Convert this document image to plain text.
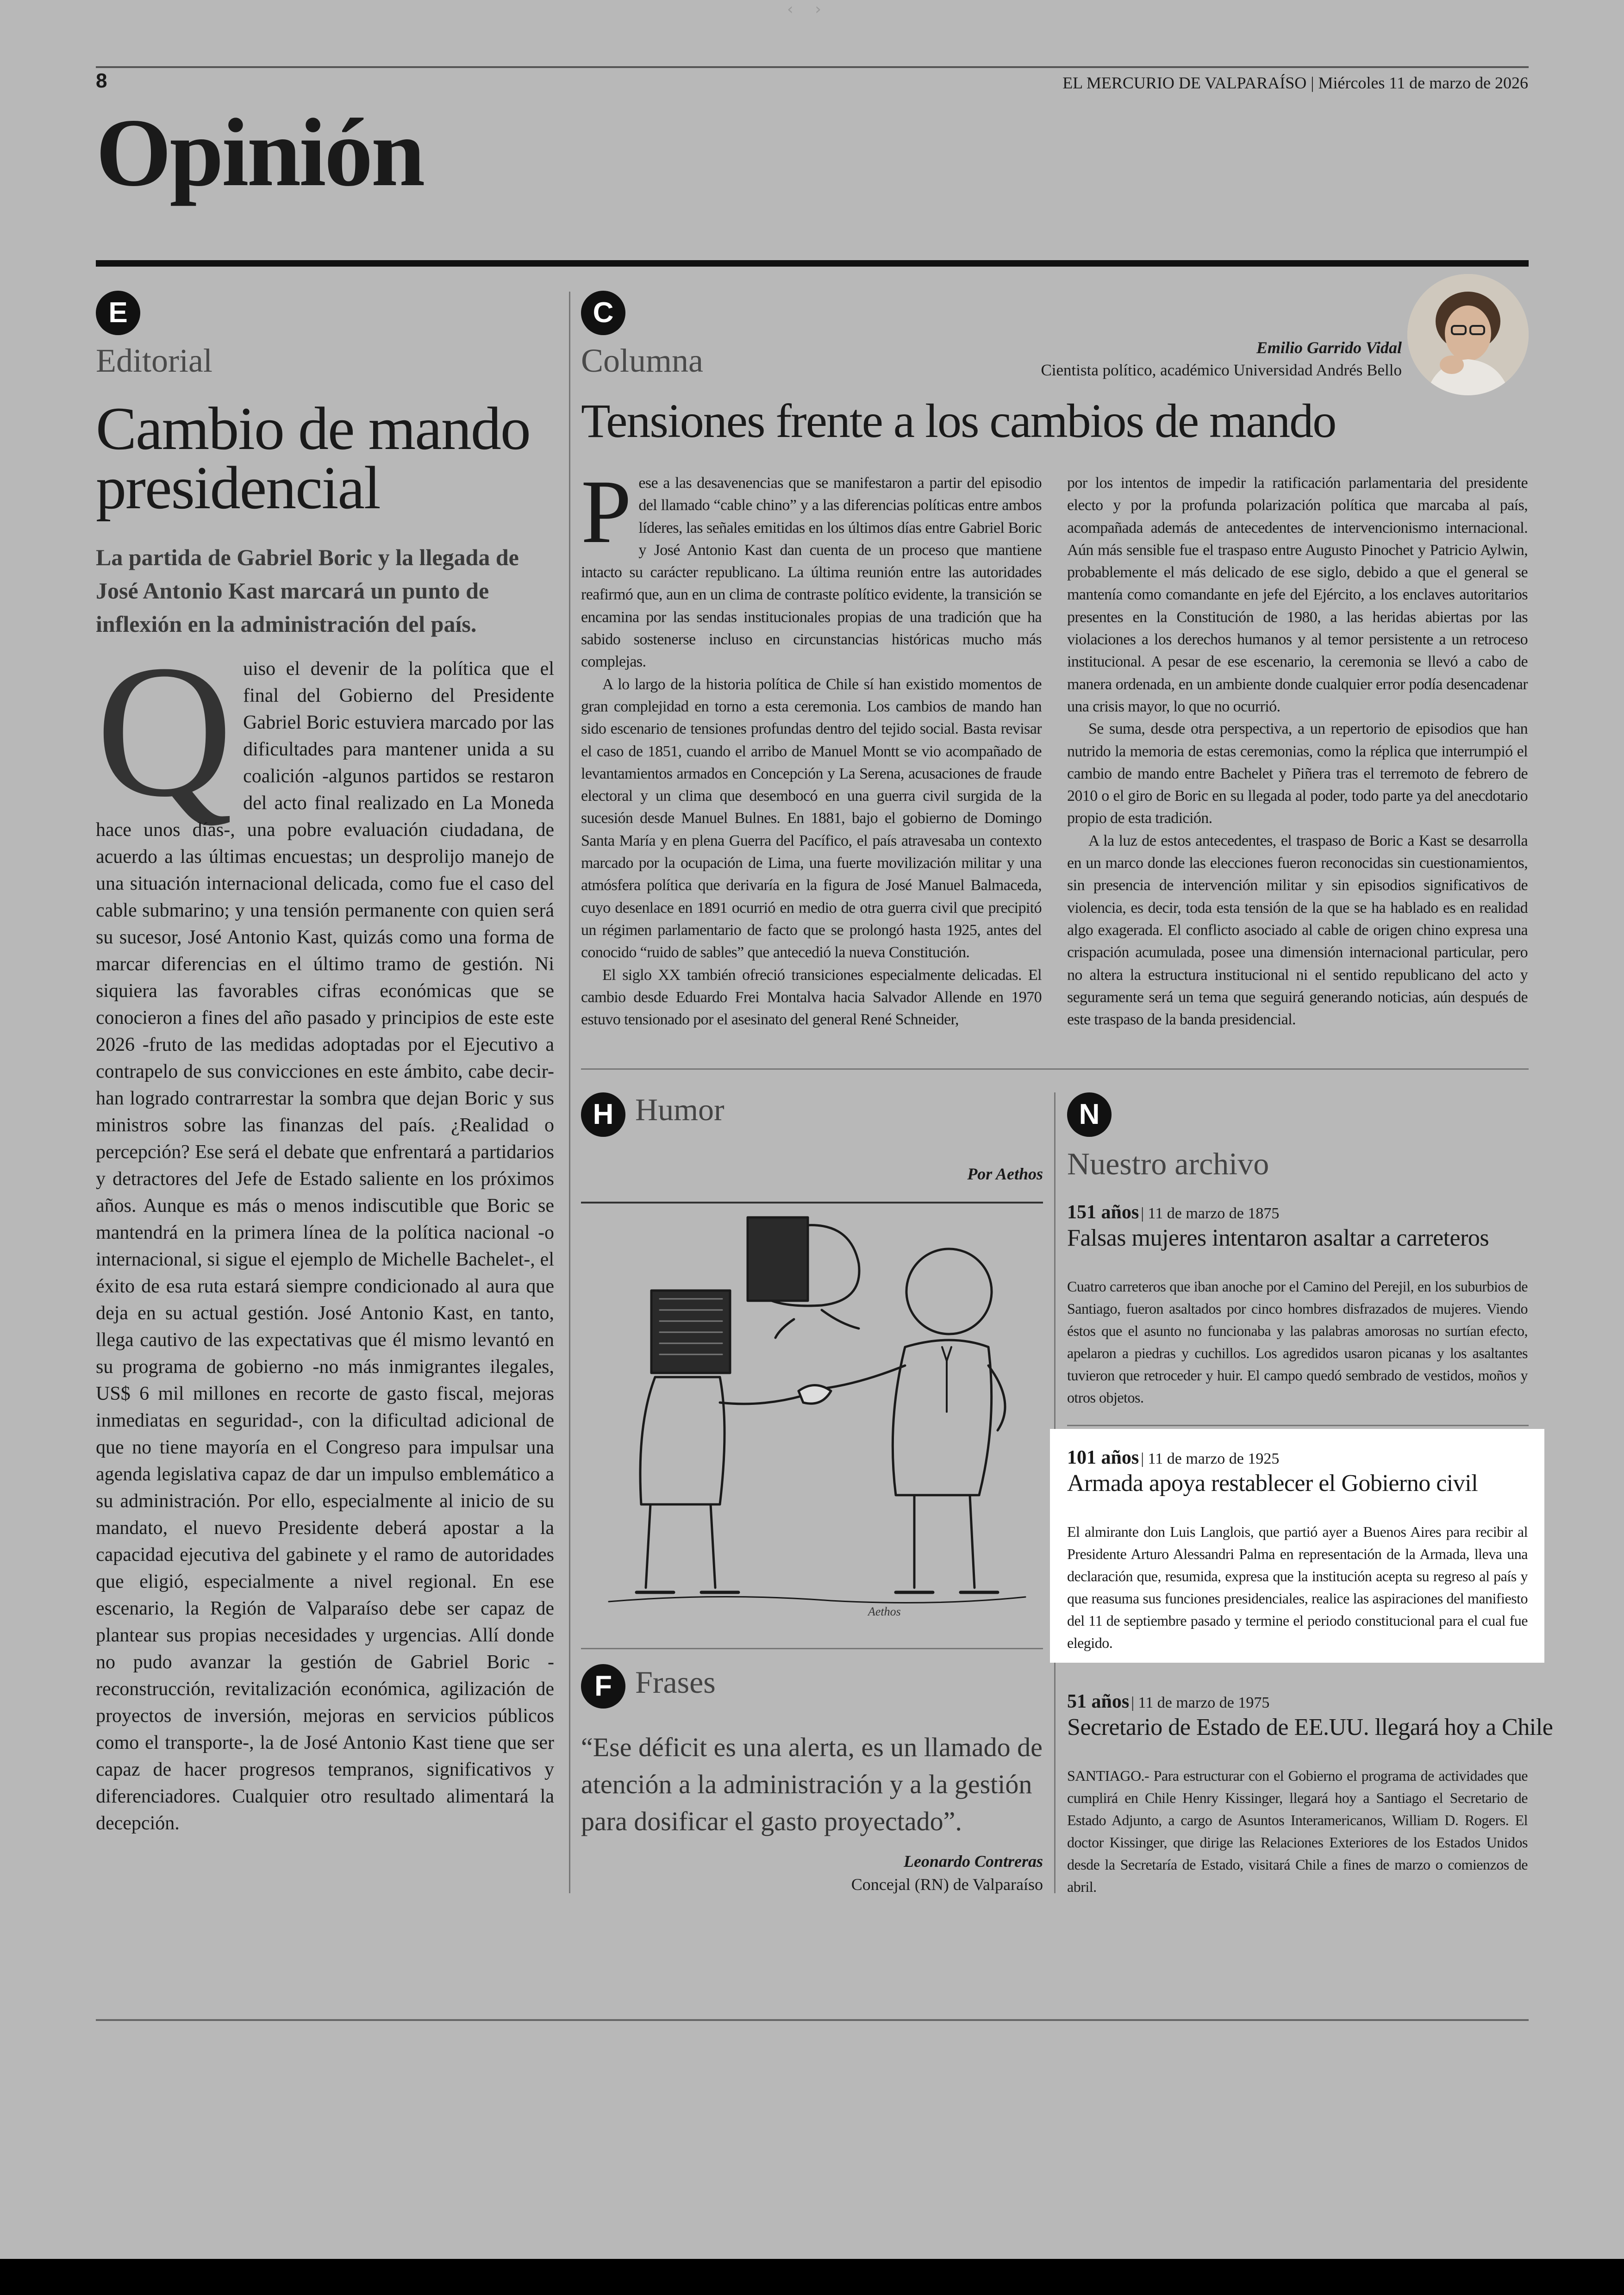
‹ ›
8	EL MERCURIO DE VALPARAÍSO | Miércoles 11 de marzo de 2026
Opinión
E
Editorial
Cambio de mando presidencial
La partida de Gabriel Boric y la llegada de José Antonio Kast marcará un punto de inflexión en la administración del país.
Q uiso el devenir de la política que el final del Gobierno del Presidente Gabriel Boric estuviera marcado por las dificultades para mantener unida a su coalición -algunos partidos se restaron del acto final realizado en La Moneda hace unos días-, una pobre evaluación ciudadana, de acuerdo a las últimas encuestas; un desprolijo manejo de una situación internacional delicada, como fue el caso del cable submarino; y una tensión permanente con quien será su sucesor, José Antonio Kast, quizás como una forma de marcar diferencias en el último tramo de gestión. Ni siquiera las favorables cifras económicas que se conocieron a fines del año pasado y principios de este este 2026 -fruto de las medidas adoptadas por el Ejecutivo a contrapelo de sus convicciones en este ámbito, cabe decir- han logrado contrarrestar la sombra que dejan Boric y sus ministros sobre las finanzas del país. ¿Realidad o percepción? Ese será el debate que enfrentará a partidarios y detractores del Jefe de Estado saliente en los próximos años. Aunque es más o menos indiscutible que Boric se mantendrá en la primera línea de la política nacional -o internacional, si sigue el ejemplo de Michelle Bachelet-, el éxito de esa ruta estará siempre condicionado al aura que deja en su actual gestión. José Antonio Kast, en tanto, llega cautivo de las expectativas que él mismo levantó en su programa de gobierno -no más inmigrantes ilegales, US$ 6 mil millones en recorte de gasto fiscal, mejoras inmediatas en seguridad-, con la dificultad adicional de que no tiene mayoría en el Congreso para impulsar una agenda legislativa capaz de dar un impulso emblemático a su administración. Por ello, especialmente al inicio de su mandato, el nuevo Presidente deberá apostar a la capacidad ejecutiva del gabinete y el ramo de autoridades que eligió, especialmente a nivel regional. En ese escenario, la Región de Valparaíso debe ser capaz de plantear sus propias necesidades y urgencias. Allí donde no pudo avanzar la gestión de Gabriel Boric -reconstrucción, revitalización económica, agilización de proyectos de inversión, mejoras en servicios públicos como el transporte-, la de José Antonio Kast tiene que ser capaz de hacer progresos tempranos, significativos y diferenciadores. Cualquier otro resultado alimentará la decepción.
C
Columna	Emilio Garrido Vidal
Cientista político, académico Universidad Andrés Bello
Tensiones frente a los cambios de mando

Pese a las desavenencias que se manifestaron a partir del episodio del llamado “cable chino” y a las diferencias políticas entre ambos líderes, las señales emitidas en los últimos días entre Gabriel Boric y José Antonio Kast dan cuenta de un proceso que mantiene intacto su carácter republicano. La última reunión entre las autoridades reafirmó que, aun en un clima de contraste político evidente, la transición se encamina por las sendas institucionales propias de una tradición que ha sabido sostenerse incluso en circunstancias históricas mucho más complejas.

A lo largo de la historia política de Chile sí han existido momentos de gran complejidad en torno a esta ceremonia. Los cambios de mando han sido escenario de tensiones profundas dentro del tejido social. Basta revisar el caso de 1851, cuando el arribo de Manuel Montt se vio acompañado de levantamientos armados en Concepción y La Serena, acusaciones de fraude electoral y un clima que desembocó en una guerra civil surgida de la sucesión desde Manuel Bulnes. En 1881, bajo el gobierno de Domingo Santa María y en plena Guerra del Pacífico, el país atravesaba un contexto marcado por la ocupación de Lima, una fuerte movilización militar y una atmósfera política que derivaría en la figura de José Manuel Balmaceda, cuyo desenlace en 1891 ocurrió en medio de otra guerra civil que precipitó un régimen parlamentario de facto que se prolongó hasta 1925, antes del conocido “ruido de sables” que antecedió la nueva Constitución.

El siglo XX también ofreció transiciones especialmente delicadas. El cambio desde Eduardo Frei Montalva hacia Salvador Allende en 1970 estuvo tensionado por el asesinato del general René Schneider,

por los intentos de impedir la ratificación parlamentaria del presidente electo y por la profunda polarización política que marcaba al país, acompañada además de antecedentes de intervencionismo internacional. Aún más sensible fue el traspaso entre Augusto Pinochet y Patricio Aylwin, probablemente el más delicado de ese siglo, debido a que el general se mantenía como comandante en jefe del Ejército, a los enclaves autoritarios presentes en la Constitución de 1980, a las heridas abiertas por las violaciones a los derechos humanos y al temor persistente a un retroceso institucional. A pesar de ese escenario, la ceremonia se llevó a cabo de manera ordenada, en un ambiente donde cualquier error podía desencadenar una crisis mayor, lo que no ocurrió.

Se suma, desde otra perspectiva, a un repertorio de episodios que han nutrido la memoria de estas ceremonias, como la réplica que interrumpió el cambio de mando entre Bachelet y Piñera tras el terremoto de febrero de 2010 o el giro de Boric en su llegada al poder, todo parte ya del anecdotario propio de esta tradición.

A la luz de estos antecedentes, el traspaso de Boric a Kast se desarrolla en un marco donde las elecciones fueron reconocidas sin cuestionamientos, sin presencia de intervención militar y sin episodios significativos de violencia, es decir, toda esta tensión de la que se ha hablado es en realidad algo exagerada. El conflicto asociado al cable de origen chino expresa una crispación acumulada, posee una dimensión internacional particular, pero no altera la estructura institucional ni el sentido republicano del acto y seguramente será un tema que seguirá generando noticias, aún después de este traspaso de la banda presidencial.

H Humor
Por Aethos
Aethos
F Frases
“Ese déficit es una alerta, es un llamado de atención a la administración y a la gestión para dosificar el gasto proyectado”.
Leonardo Contreras
Concejal (RN) de Valparaíso
N
Nuestro archivo
151 años | 11 de marzo de 1875
Falsas mujeres intentaron asaltar a carreteros
Cuatro carreteros que iban anoche por el Camino del Perejil, en los suburbios de Santiago, fueron asaltados por cinco hombres disfrazados de mujeres. Viendo éstos que el asunto no funcionaba y las palabras amorosas no surtían efecto, apelaron a piedras y cuchillos. Los agredidos usaron picanas y los asaltantes tuvieron que retroceder y huir. El campo quedó sembrado de vestidos, moños y otros objetos.
101 años | 11 de marzo de 1925
Armada apoya restablecer el Gobierno civil
El almirante don Luis Langlois, que partió ayer a Buenos Aires para recibir al Presidente Arturo Alessandri Palma en representación de la Armada, lleva una declaración que, resumida, expresa que la institución acepta su regreso al país y que reasuma sus funciones presidenciales, realice las aspiraciones del manifiesto del 11 de septiembre pasado y termine el periodo constitucional para el cual fue elegido.
51 años | 11 de marzo de 1975
Secretario de Estado de EE.UU. llegará hoy a Chile
SANTIAGO.- Para estructurar con el Gobierno el programa de actividades que cumplirá en Chile Henry Kissinger, llegará hoy a Santiago el Secretario de Estado Adjunto, a cargo de Asuntos Interamericanos, William D. Rogers. El doctor Kissinger, que dirige las Relaciones Exteriores de los Estados Unidos desde la Secretaría de Estado, visitará Chile a fines de marzo o comienzos de abril.
